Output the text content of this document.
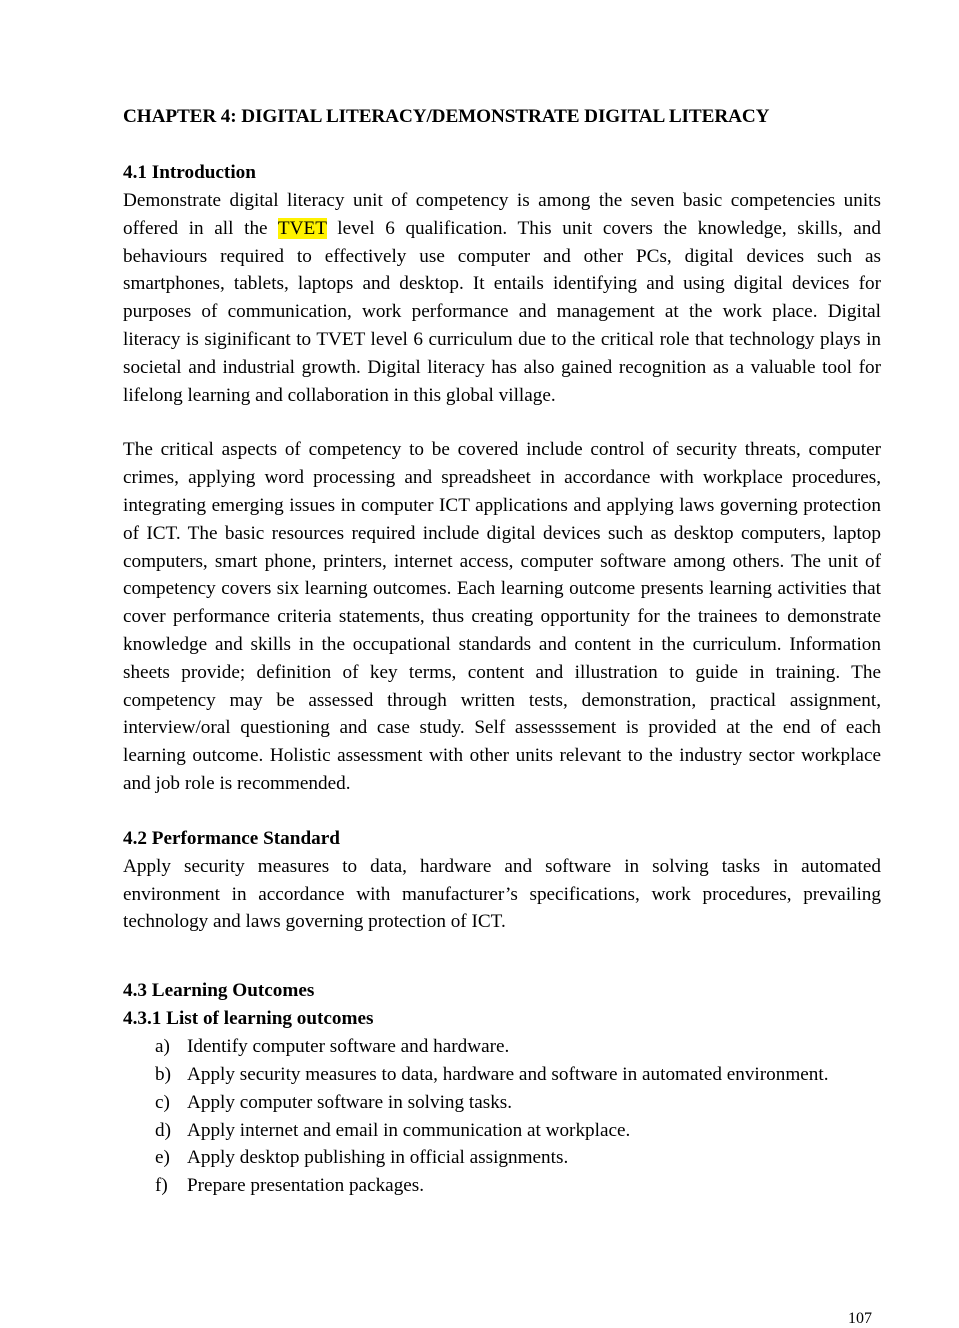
CHAPTER 4: DIGITAL LITERACY/DEMONSTRATE DIGITAL LITERACY
4.1 Introduction

Demonstrate digital literacy unit of competency is among the seven basic competencies units offered in all the TVET level 6 qualification. This unit covers the knowledge, skills, and behaviours required to effectively use computer and other PCs, digital devices such as smartphones, tablets, laptops and desktop. It entails identifying and using digital devices for purposes of communication, work performance and management at the work place. Digital literacy is siginificant to TVET level 6 curriculum due to the critical role that technology plays in societal and industrial growth. Digital literacy has also gained recognition as a valuable tool for lifelong learning and collaboration in this global village.

The critical aspects of competency to be covered include control of security threats, computer crimes, applying word processing and spreadsheet in accordance with workplace procedures, integrating emerging issues in computer ICT applications and applying laws governing protection of ICT. The basic resources required include digital devices such as desktop computers, laptop computers, smart phone, printers, internet access, computer software among others. The unit of competency covers six learning outcomes. Each learning outcome presents learning activities that cover performance criteria statements, thus creating opportunity for the trainees to demonstrate knowledge and skills in the occupational standards and content in the curriculum. Information sheets provide; definition of key terms, content and illustration to guide in training. The competency may be assessed through written tests, demonstration, practical assignment, interview/oral questioning and case study. Self assesssement is provided at the end of each learning outcome. Holistic assessment with other units relevant to the industry sector workplace and job role is recommended.

4.2 Performance Standard

Apply security measures to data, hardware and software in solving tasks in automated environment in accordance with manufacturer’s specifications, work procedures, prevailing technology and laws governing protection of ICT.

4.3 Learning Outcomes
4.3.1 List of learning outcomes
a) Identify computer software and hardware.
b) Apply security measures to data, hardware and software in automated environment.
c) Apply computer software in solving tasks.
d) Apply internet and email in communication at workplace.
e) Apply desktop publishing in official assignments.
f)	Prepare presentation packages.
107
